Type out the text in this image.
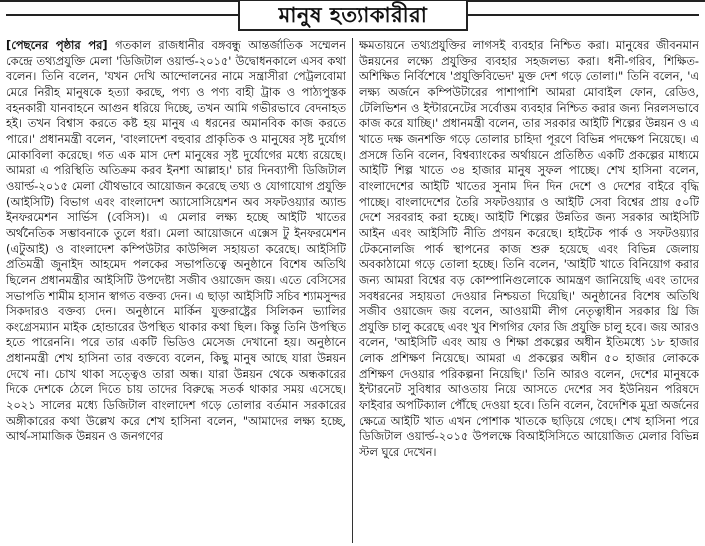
মানুষ হত্যাকারীরা

[পেছনের পৃষ্ঠার পর] গতকাল রাজধানীর বঙ্গবন্ধু আন্তর্জাতিক সম্মেলন কেন্দ্রে তথ্যপ্রযুক্তি মেলা 'ডিজিটাল ওয়ার্ল্ড-২০১৫' উদ্বোধনকালে এসব কথা বলেন। তিনি বলেন, 'যখন দেখি আন্দোলনের নামে সন্ত্রাসীরা পেট্রলবোমা মেরে নিরীহ মানুষকে হত্যা করছে, পণ্য ও পণ্য বাহী ট্রাক ও পাঠ্যপুস্তক বহনকারী যানবাহনে আগুন ধরিয়ে দিচ্ছে, তখন আমি গভীরভাবে বেদনাহত হই। তখন বিশ্বাস করতে কষ্ট হয় মানুষ এ ধরনের অমানবিক কাজ করতে পারে।' প্রধানমন্ত্রী বলেন, 'বাংলাদেশ বহুবার প্রাকৃতিক ও মানুষের সৃষ্ট দুর্যোগ মোকাবিলা করেছে। গত এক মাস দেশ মানুষের সৃষ্ট দুর্যোগের মধ্যে রয়েছে। আমরা এ পরিস্থিতি অতিক্রম করব ইনশা আল্লাহ।' চার দিনব্যাপী ডিজিটাল ওয়ার্ল্ড-২০১৫ মেলা যৌথভাবে আয়োজন করেছে তথ্য ও যোগাযোগ প্রযুক্তি (আইসিটি) বিভাগ এবং বাংলাদেশ অ্যাসোসিয়েশন অব সফটওয়্যার অ্যান্ড ইনফরমেশন সার্ভিস (বেসিস)। এ মেলার লক্ষ্য হচ্ছে আইটি খাতের অর্থনৈতিক সম্ভাবনাকে তুলে ধরা। মেলা আয়োজনে এক্সেস টু ইনফরমেশন (এটুআই) ও বাংলাদেশ কম্পিউটার কাউন্সিল সহায়তা করেছে। আইসিটি প্রতিমন্ত্রী জুনাইদ আহমেদ পলকের সভাপতিত্বে অনুষ্ঠানে বিশেষ অতিথি ছিলেন প্রধানমন্ত্রীর আইসিটি উপদেষ্টা সজীব ওয়াজেদ জয়। এতে বেসিসের সভাপতি শামীম হাসান স্বাগত বক্তব্য দেন। এ ছাড়া আইসিটি সচিব শ্যামসুন্দর সিকদারও বক্তব্য দেন। অনুষ্ঠানে মার্কিন যুক্তরাষ্ট্রের সিলিকন ভ্যালির কংগ্রেসম্যান মাইক হোন্ডারের উপস্থিত থাকার কথা ছিল। কিন্তু তিনি উপস্থিত হতে পারেননি। পরে তার একটি ভিডিও মেসেজ দেখানো হয়। অনুষ্ঠানে প্রধানমন্ত্রী শেখ হাসিনা তার বক্তব্যে বলেন, কিছু মানুষ আছে যারা উন্নয়ন দেখে না। চোখ থাকা সত্ত্বেও তারা অন্ধ। যারা উন্নয়ন থেকে অন্ধকারের দিকে দেশকে ঠেলে দিতে চায় তাদের বিরুদ্ধে সতর্ক থাকার সময় এসেছে। ২০২১ সালের মধ্যে ডিজিটাল বাংলাদেশ গড়ে তোলার বর্তমান সরকারের অঙ্গীকারের কথা উল্লেখ করে শেখ হাসিনা বলেন, "আমাদের লক্ষ্য হচ্ছে, আর্থ-সামাজিক উন্নয়ন ও জনগণের

ক্ষমতায়নে তথ্যপ্রযুক্তির লাগসই ব্যবহার নিশ্চিত করা। মানুষের জীবনমান উন্নয়নের লক্ষ্যে প্রযুক্তির ব্যবহার সহজলভ্য করা। ধনী-গরিব, শিক্ষিত-অশিক্ষিত নির্বিশেষে 'প্রযুক্তিবিভেদ' মুক্ত দেশ গড়ে তোলা।" তিনি বলেন, 'এ লক্ষ্য অর্জনে কম্পিউটারের পাশাপাশি আমরা মোবাইল ফোন, রেডিও, টেলিভিশন ও ইন্টারনেটের সর্বোত্তম ব্যবহার নিশ্চিত করার জন্য নিরলসভাবে কাজ করে যাচ্ছি।' প্রধানমন্ত্রী বলেন, তার সরকার আইটি শিল্পের উন্নয়ন ও এ খাতে দক্ষ জনশক্তি গড়ে তোলার চাহিদা পূরণে বিভিন্ন পদক্ষেপ নিয়েছে। এ প্রসঙ্গে তিনি বলেন, বিশ্বব্যাংকের অর্থায়নে প্রতিষ্ঠিত একটি প্রকল্পের মাধ্যমে আইটি শিল্প খাতে ৩৪ হাজার মানুষ সুফল পাচ্ছে। শেখ হাসিনা বলেন, বাংলাদেশের আইটি খাতের সুনাম দিন দিন দেশে ও দেশের বাইরে বৃদ্ধি পাচ্ছে। বাংলাদেশের তৈরি সফটওয়্যার ও আইটি সেবা বিশ্বের প্রায় ৫০টি দেশে সরবরাহ করা হচ্ছে। আইটি শিল্পের উন্নতির জন্য সরকার আইসিটি আইন এবং আইসিটি নীতি প্রণয়ন করেছে। হাইটেক পার্ক ও সফটওয়্যার টেকনোলজি পার্ক স্থাপনের কাজ শুরু হয়েছে এবং বিভিন্ন জেলায় অবকাঠামো গড়ে তোলা হচ্ছে। তিনি বলেন, 'আইটি খাতে বিনিয়োগ করার জন্য আমরা বিশ্বের বড় কোম্পানিগুলোকে আমন্ত্রণ জানিয়েছি এবং তাদের সবধরনের সহায়তা দেওয়ার নিশ্চয়তা দিয়েছি।' অনুষ্ঠানের বিশেষ অতিথি সজীব ওয়াজেদ জয় বলেন, আওয়ামী লীগ নেতৃত্বাধীন সরকার থ্রি জি প্রযুক্তি চালু করেছে এবং খুব শিগগির ফোর জি প্রযুক্তি চালু হবে। জয় আরও বলেন, 'আইসিটি এবং আয় ও শিক্ষা প্রকল্পের অধীন ইতিমধ্যে ১৮ হাজার লোক প্রশিক্ষণ নিয়েছে। আমরা এ প্রকল্পের অধীন ৫০ হাজার লোককে প্রশিক্ষণ দেওয়ার পরিকল্পনা নিয়েছি।' তিনি আরও বলেন, দেশের মানুষকে ইন্টারনেট সুবিধার আওতায় নিয়ে আসতে দেশের সব ইউনিয়ন পরিষদে ফাইবার অপটিক্যাল পৌঁছে দেওয়া হবে। তিনি বলেন, বৈদেশিক মুদ্রা অর্জনের ক্ষেত্রে আইটি খাত এখন পোশাক খাতকে ছাড়িয়ে গেছে। শেখ হাসিনা পরে ডিজিটাল ওয়ার্ল্ড-২০১৫ উপলক্ষে বিআইসিসিতে আয়োজিত মেলার বিভিন্ন স্টল ঘুরে দেখেন।
